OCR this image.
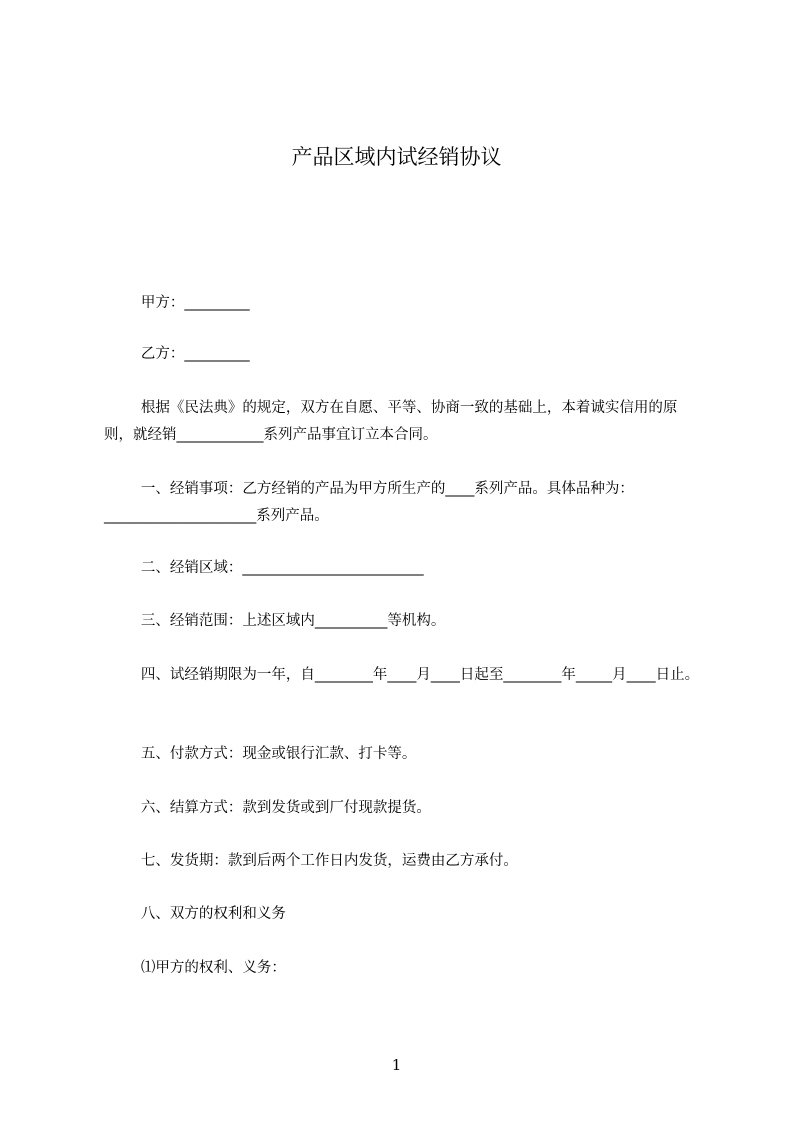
产品区域内试经销协议

甲方：_________

乙方：_________

根据《民法典》的规定，双方在自愿、平等、协商一致的基础上，本着诚实信用的原则，就经销____________系列产品事宜订立本合同。

一、经销事项：乙方经销的产品为甲方所生产的____系列产品。具体品种为：_____________________系列产品。

二、经销区域：_________________________

三、经销范围：上述区域内__________等机构。

四、试经销期限为一年，自________年____月____日起至________年_____月____日止。

五、付款方式：现金或银行汇款、打卡等。

六、结算方式：款到发货或到厂付现款提货。

七、发货期：款到后两个工作日内发货，运费由乙方承付。

八、双方的权利和义务

⑴甲方的权利、义务：

1
